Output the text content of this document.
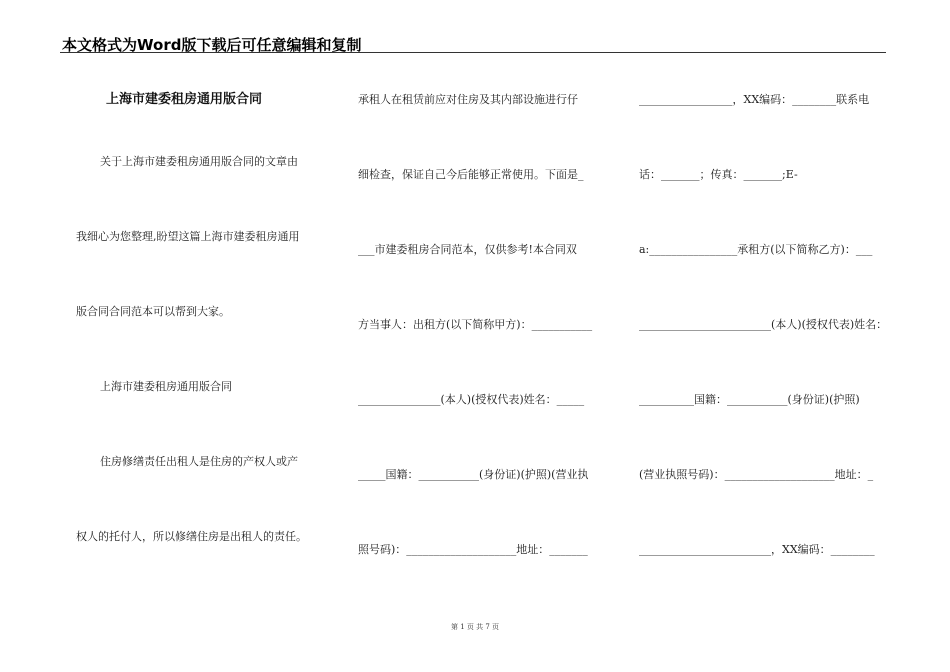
本文格式为Word版下载后可任意编辑和复制
上海市建委租房通用版合同
关于上海市建委租房通用版合同的文章由
我细心为您整理,盼望这篇上海市建委租房通用
版合同合同范本可以帮到大家。
上海市建委租房通用版合同
住房修缮责任出租人是住房的产权人或产
权人的托付人，所以修缮住房是出租人的责任。
承租人在租赁前应对住房及其内部设施进行仔
细检查，保证自己今后能够正常使用。下面是_
___市建委租房合同范本，仅供参考!本合同双
方当事人：出租方(以下简称甲方)：___________
_______________(本人)(授权代表)姓名：_____
_____国籍：___________(身份证)(护照)(营业执
照号码)：____________________地址：_______
_________________，XX编码：________联系电
话：_______；传真：_______;E-
a:________________承租方(以下简称乙方)：___
________________________(本人)(授权代表)姓名：
__________国籍：___________(身份证)(护照)
(营业执照号码)：____________________地址：_
________________________，XX编码：________
第 1 页 共 7 页
